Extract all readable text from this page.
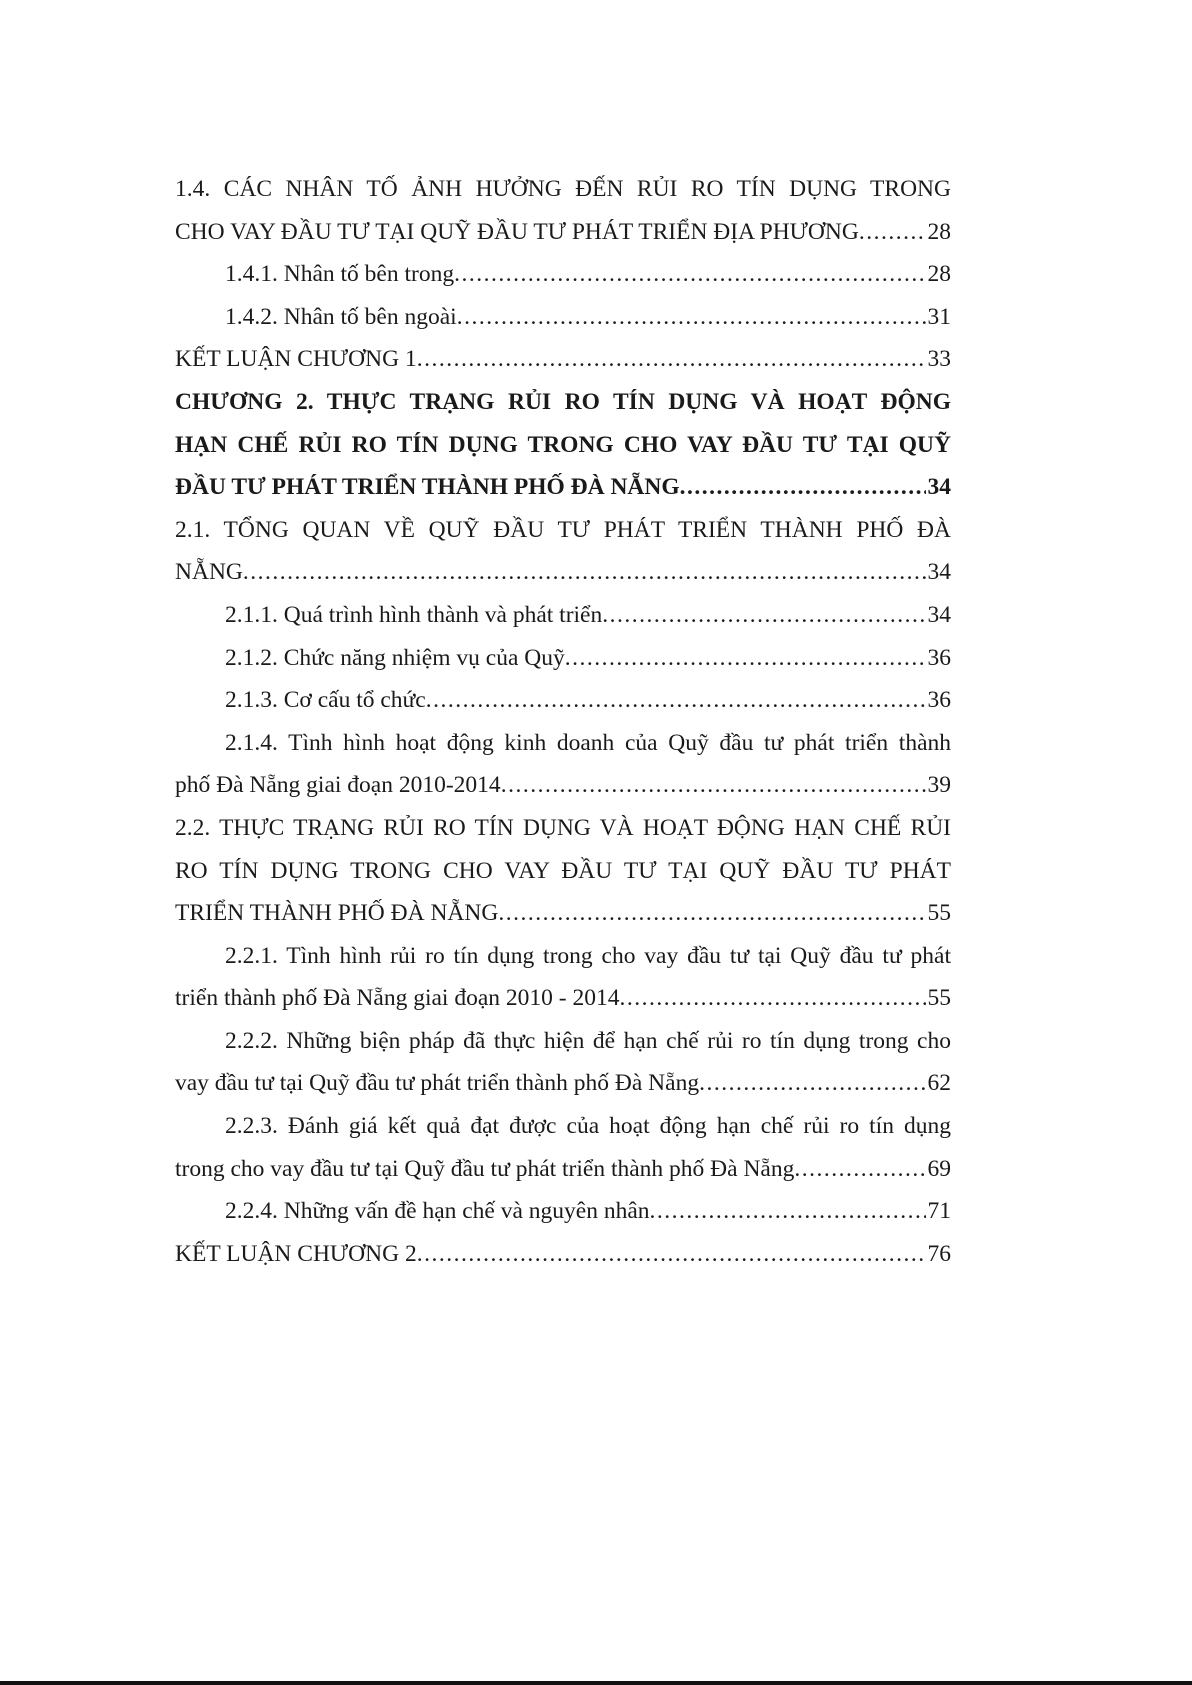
1.4. CÁC NHÂN TỐ ẢNH HƯỞNG ĐẾN RỦI RO TÍN DỤNG TRONG
CHO VAY ĐẦU TƯ TẠI QUỸ ĐẦU TƯ PHÁT TRIỂN ĐỊA PHƯƠNG .....	28
1.4.1. Nhân tố bên trong .....	28
1.4.2. Nhân tố bên ngoài .....	31
KẾT LUẬN CHƯƠNG 1 .....	33
CHƯƠNG 2. THỰC TRẠNG RỦI RO TÍN DỤNG VÀ HOẠT ĐỘNG
HẠN CHẾ RỦI RO TÍN DỤNG TRONG CHO VAY ĐẦU TƯ TẠI QUỸ
ĐẦU TƯ PHÁT TRIỂN THÀNH PHỐ ĐÀ NẴNG .....	34
2.1. TỔNG QUAN VỀ QUỸ ĐẦU TƯ PHÁT TRIỂN THÀNH PHỐ ĐÀ
NẴNG .....	34
2.1.1. Quá trình hình thành và phát triển .....	34
2.1.2. Chức năng nhiệm vụ của Quỹ .....	36
2.1.3. Cơ cấu tổ chức .....	36
2.1.4. Tình hình hoạt động kinh doanh của Quỹ đầu tư phát triển thành
phố Đà Nẵng giai đoạn 2010-2014 .....	39
2.2. THỰC TRẠNG RỦI RO TÍN DỤNG VÀ HOẠT ĐỘNG HẠN CHẾ RỦI
RO TÍN DỤNG TRONG CHO VAY ĐẦU TƯ TẠI QUỸ ĐẦU TƯ PHÁT
TRIỂN THÀNH PHỐ ĐÀ NẴNG .....	55
2.2.1. Tình hình rủi ro tín dụng trong cho vay đầu tư tại Quỹ đầu tư phát
triển thành phố Đà Nẵng giai đoạn 2010 - 2014 .....	55
2.2.2. Những biện pháp đã thực hiện để hạn chế rủi ro tín dụng trong cho
vay đầu tư tại Quỹ đầu tư phát triển thành phố Đà Nẵng .....	62
2.2.3. Đánh giá kết quả đạt được của hoạt động hạn chế rủi ro tín dụng
trong cho vay đầu tư tại Quỹ đầu tư phát triển thành phố Đà Nẵng .....	69
2.2.4. Những vấn đề hạn chế và nguyên nhân .....	71
KẾT LUẬN CHƯƠNG 2 .....	76
